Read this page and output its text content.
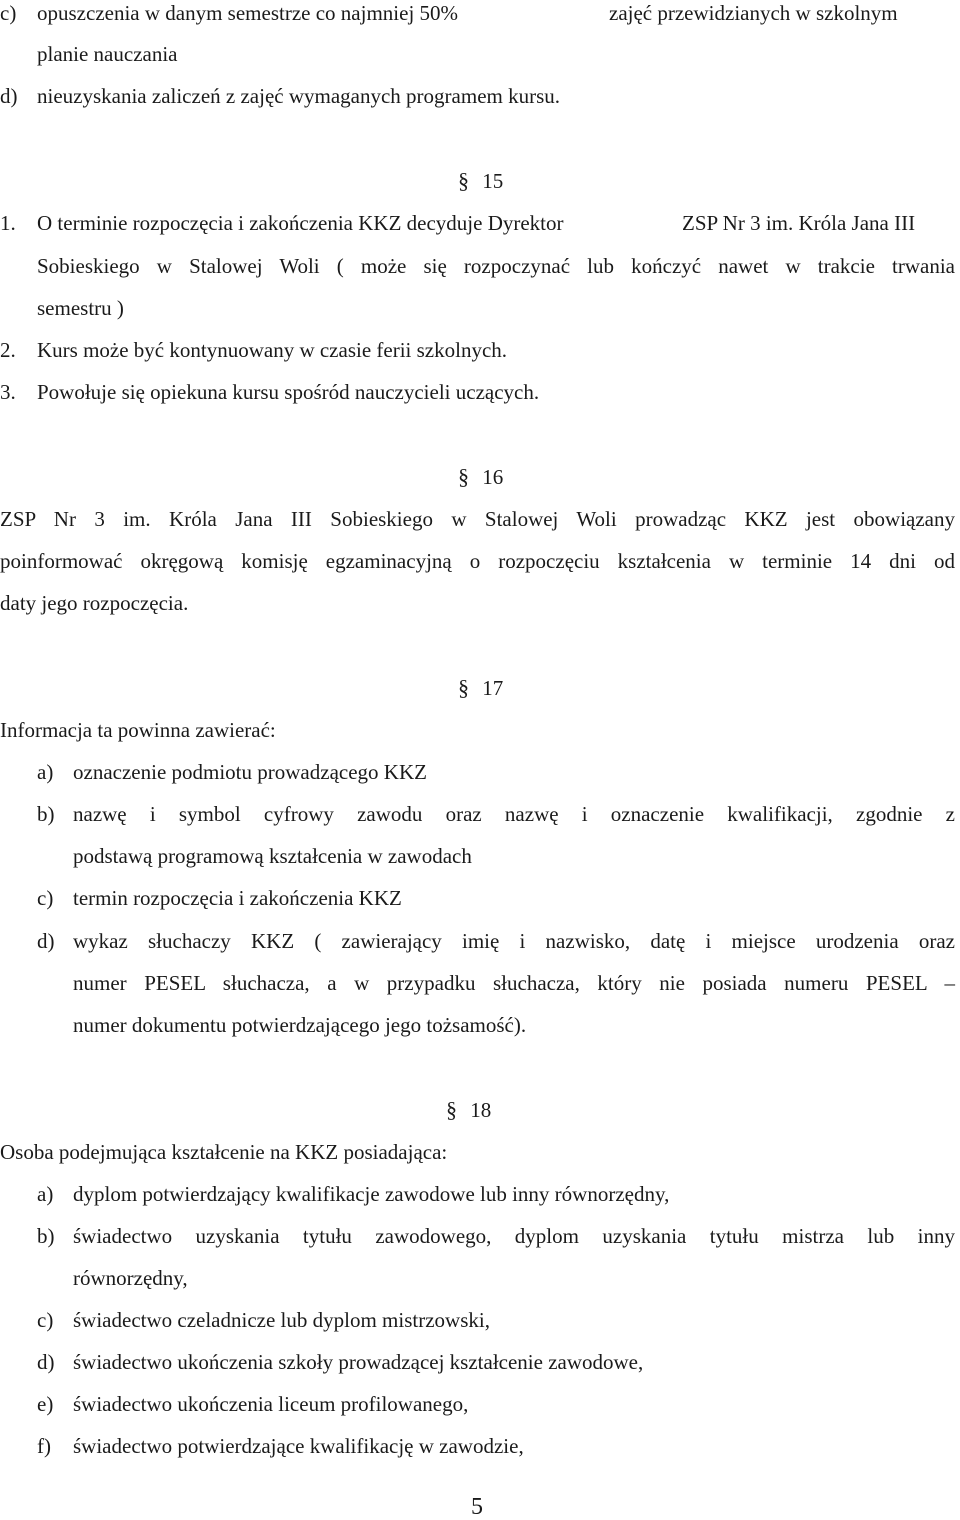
c) opuszczenia w danym semestrze co najmniej 50%	zajęć przewidzianych w szkolnym
planie nauczania
d) nieuzyskania zaliczeń z zajęć wymaganych programem kursu.
§ 15
1. O terminie rozpoczęcia i zakończenia KKZ decyduje Dyrektor	ZSP Nr 3 im. Króla Jana III
Sobieskiego w Stalowej Woli ( może się rozpoczynać lub kończyć nawet w trakcie trwania
semestru )
2. Kurs może być kontynuowany w czasie ferii szkolnych.
3. Powołuje się opiekuna kursu spośród nauczycieli uczących.
§ 16
ZSP Nr 3 im. Króla Jana III Sobieskiego w Stalowej Woli prowadząc KKZ jest obowiązany
poinformować okręgową komisję egzaminacyjną o rozpoczęciu kształcenia w terminie 14 dni od
daty jego rozpoczęcia.
§ 17
Informacja ta powinna zawierać:
a) oznaczenie podmiotu prowadzącego KKZ
b) nazwę i symbol cyfrowy zawodu oraz nazwę i oznaczenie kwalifikacji, zgodnie z
podstawą programową kształcenia w zawodach
c) termin rozpoczęcia i zakończenia KKZ
d) wykaz słuchaczy KKZ ( zawierający imię i nazwisko, datę i miejsce urodzenia oraz
numer PESEL słuchacza, a w przypadku słuchacza, który nie posiada numeru PESEL –
numer dokumentu potwierdzającego jego tożsamość).
§ 18
Osoba podejmująca kształcenie na KKZ posiadająca:
a) dyplom potwierdzający kwalifikacje zawodowe lub inny równorzędny,
b) świadectwo uzyskania tytułu zawodowego, dyplom uzyskania tytułu mistrza lub inny
równorzędny,
c) świadectwo czeladnicze lub dyplom mistrzowski,
d) świadectwo ukończenia szkoły prowadzącej kształcenie zawodowe,
e) świadectwo ukończenia liceum profilowanego,
f) świadectwo potwierdzające kwalifikację w zawodzie,
5
